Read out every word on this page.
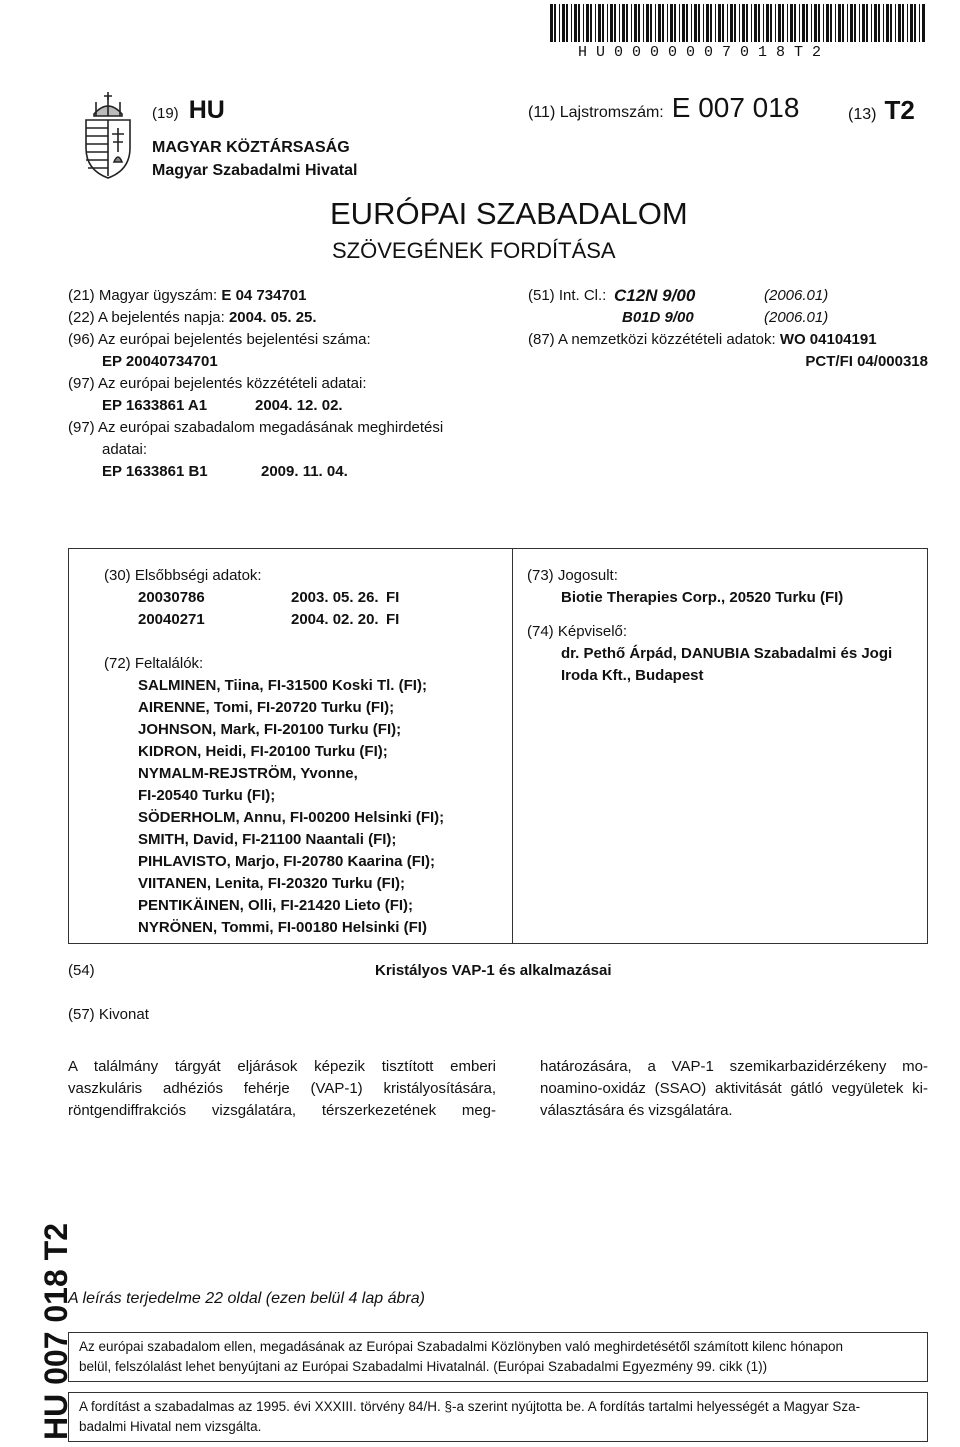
HU0000007018T2
(19) HU
MAGYAR KÖZTÁRSASÁG
Magyar Szabadalmi Hivatal
(11) Lajstromszám: E 007 018	(13) T2
EURÓPAI SZABADALOM
SZÖVEGÉNEK FORDÍTÁSA
(21) Magyar ügyszám: E 04 734701
(22) A bejelentés napja: 2004. 05. 25.
(96) Az európai bejelentés bejelentési száma:
EP 20040734701
(97) Az európai bejelentés közzétételi adatai:
EP 1633861 A1	2004. 12. 02.
(97) Az európai szabadalom megadásának meghirdetési
adatai:
EP 1633861 B1	2009. 11. 04.
(51) Int. Cl.: C12N 9/00	(2006.01)
B01D 9/00	(2006.01)
(87) A nemzetközi közzétételi adatok: WO 04104191
PCT/FI 04/000318
(30) Elsőbbségi adatok:
20030786	2003. 05. 26. FI
20040271	2004. 02. 20. FI
(72) Feltalálók:
SALMINEN, Tiina, FI-31500 Koski Tl. (FI);
AIRENNE, Tomi, FI-20720 Turku (FI);
JOHNSON, Mark, FI-20100 Turku (FI);
KIDRON, Heidi, FI-20100 Turku (FI);
NYMALM-REJSTRÖM, Yvonne,
FI-20540 Turku (FI);
SÖDERHOLM, Annu, FI-00200 Helsinki (FI);
SMITH, David, FI-21100 Naantali (FI);
PIHLAVISTO, Marjo, FI-20780 Kaarina (FI);
VIITANEN, Lenita, FI-20320 Turku (FI);
PENTIKÄINEN, Olli, FI-21420 Lieto (FI);
NYRÖNEN, Tommi, FI-00180 Helsinki (FI)
(73) Jogosult:
Biotie Therapies Corp., 20520 Turku (FI)
(74) Képviselő:
dr. Pethő Árpád, DANUBIA Szabadalmi és Jogi
Iroda Kft., Budapest
(54)	Kristályos VAP-1 és alkalmazásai
(57) Kivonat
A találmány tárgyát eljárások képezik tisztított emberi
vaszkuláris adhéziós fehérje (VAP-1) kristályosítására,
röntgendiffrakciós vizsgálatára, térszerkezetének meg-
határozására, a VAP-1 szemikarbazidérzékeny mo-
noamino-oxidáz (SSAO) aktivitását gátló vegyületek ki-
választására és vizsgálatára.
HU 007 018 T2
A leírás terjedelme 22 oldal (ezen belül 4 lap ábra)
Az európai szabadalom ellen, megadásának az Európai Szabadalmi Közlönyben való meghirdetésétől számított kilenc hónapon
belül, felszólalást lehet benyújtani az Európai Szabadalmi Hivatalnál. (Európai Szabadalmi Egyezmény 99. cikk (1))
A fordítást a szabadalmas az 1995. évi XXXIII. törvény 84/H. §-a szerint nyújtotta be. A fordítás tartalmi helyességét a Magyar Sza-
badalmi Hivatal nem vizsgálta.
